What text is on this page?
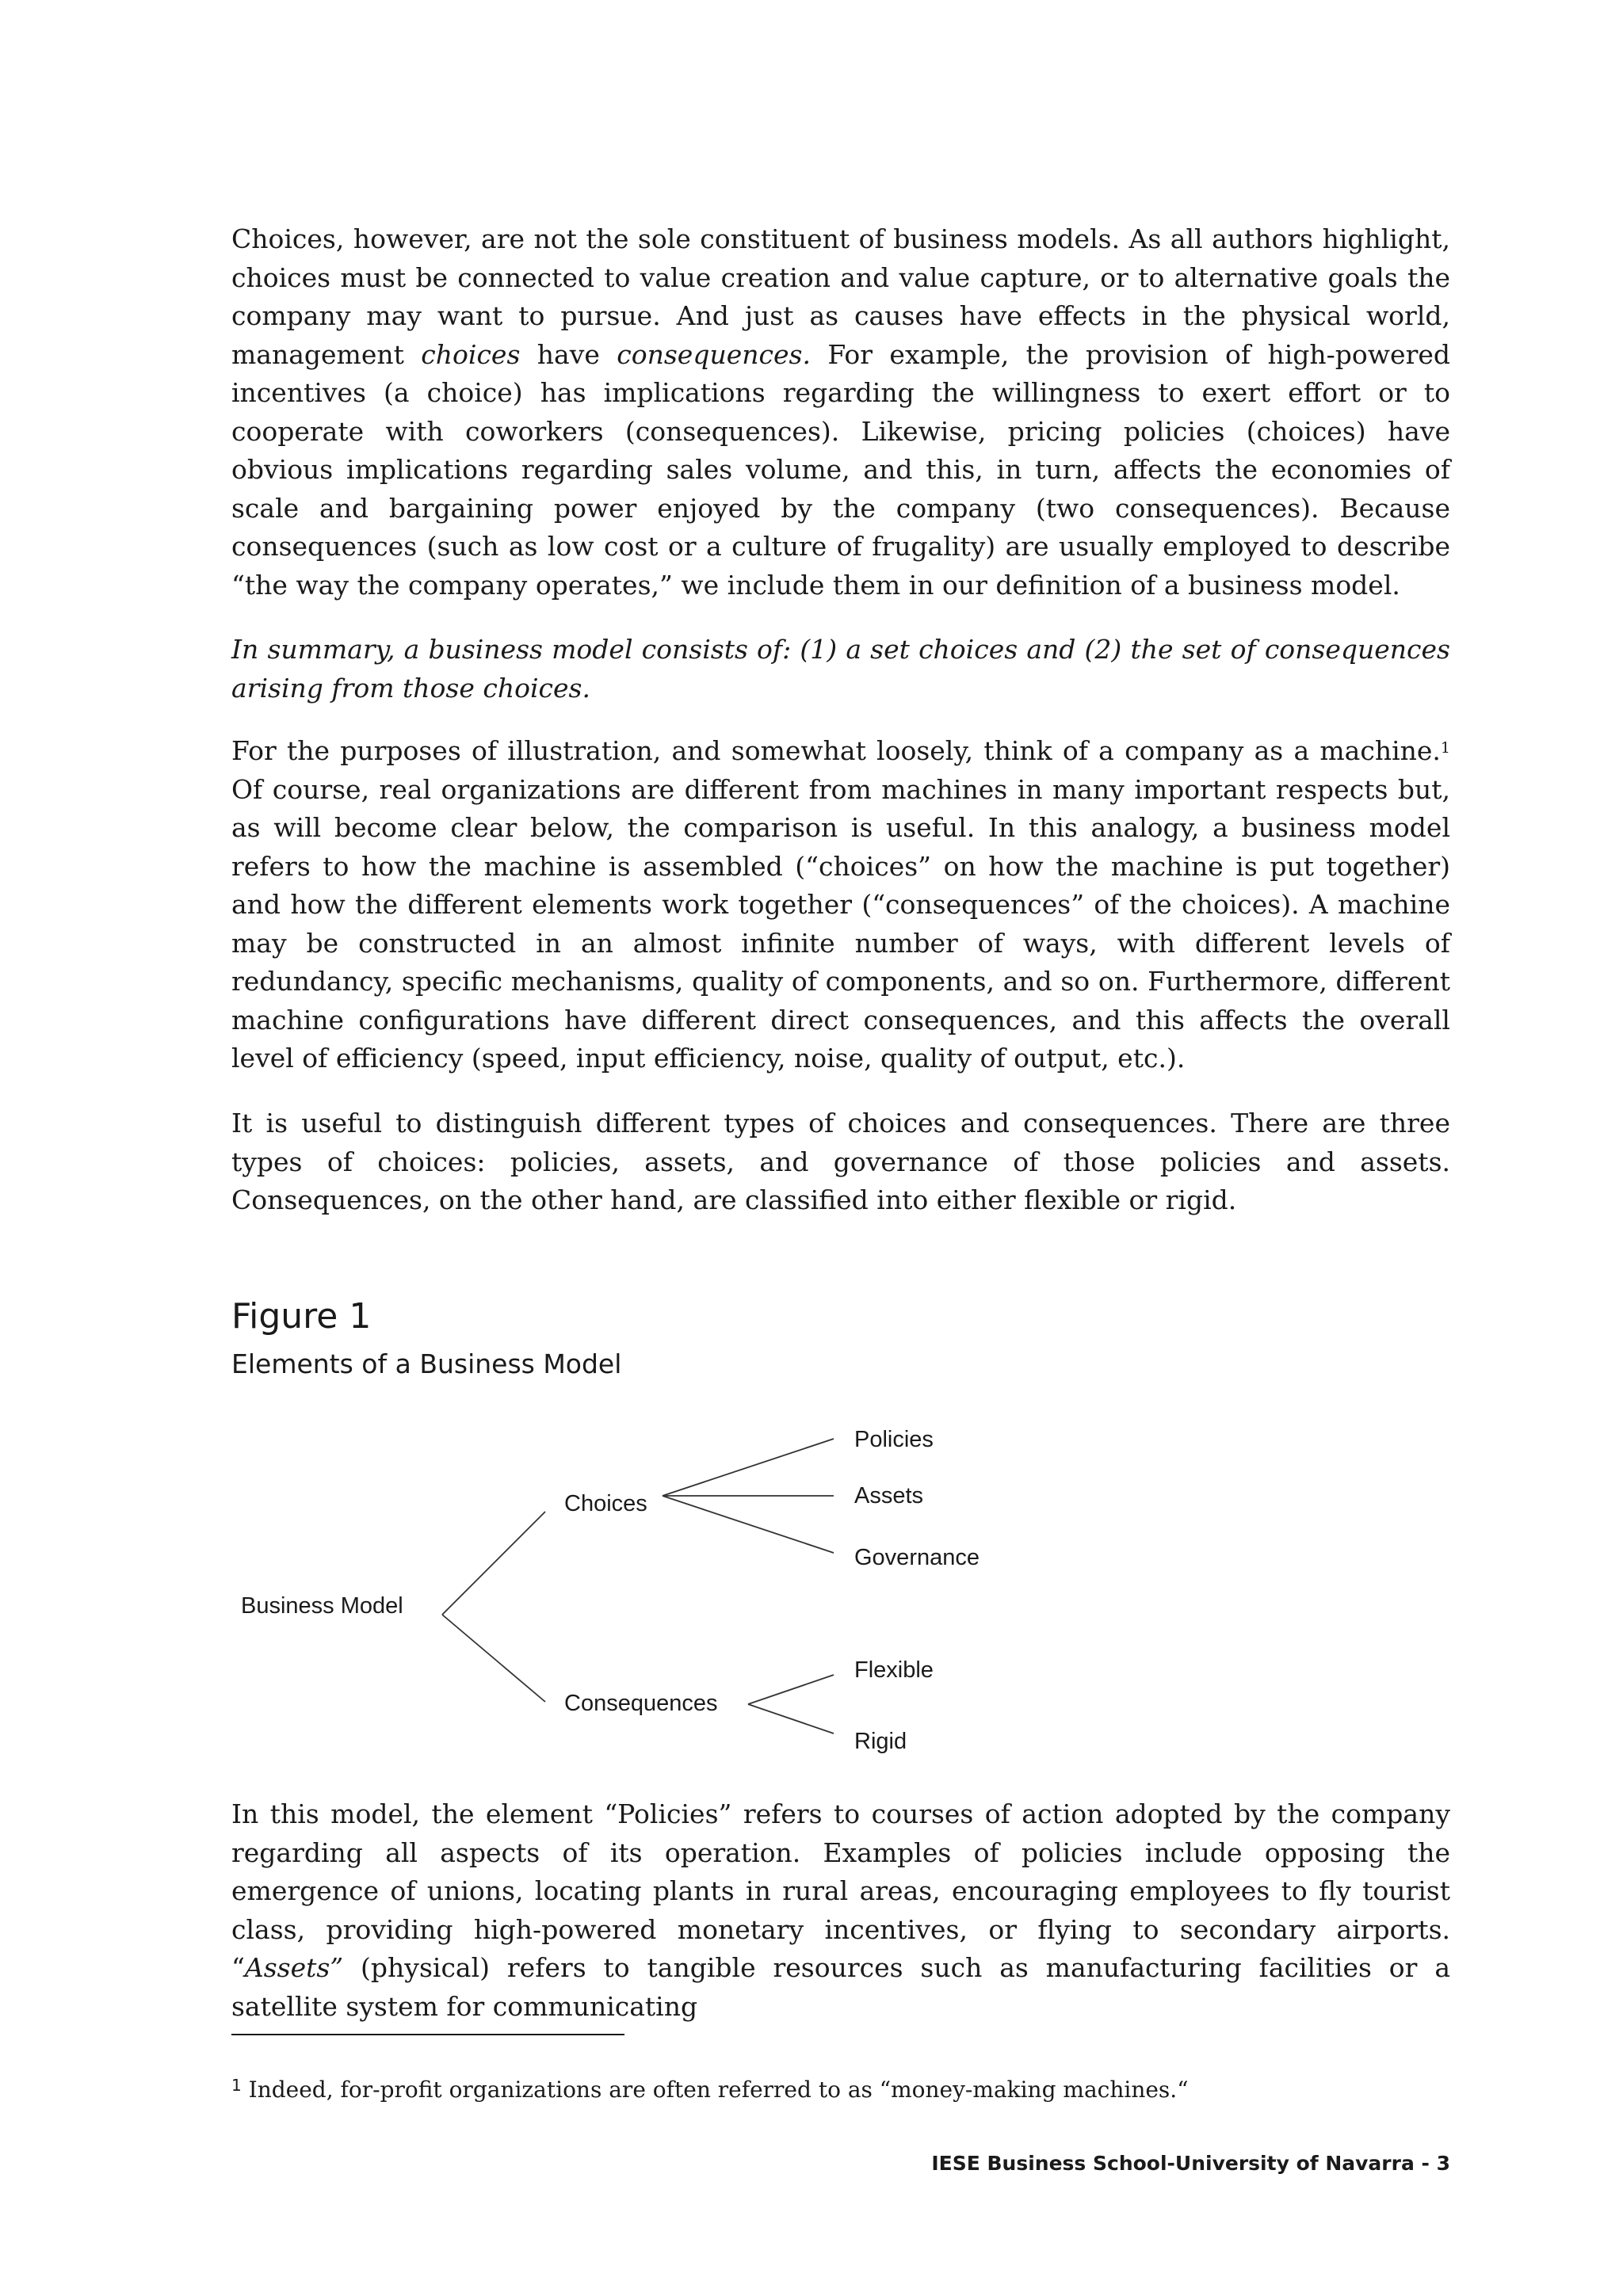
Choices, however, are not the sole constituent of business models. As all authors highlight, choices must be connected to value creation and value capture, or to alternative goals the company may want to pursue. And just as causes have effects in the physical world, management choices have consequences. For example, the provision of high-powered incentives (a choice) has implications regarding the willingness to exert effort or to cooperate with coworkers (consequences). Likewise, pricing policies (choices) have obvious implications regarding sales volume, and this, in turn, affects the economies of scale and bargaining power enjoyed by the company (two consequences). Because consequences (such as low cost or a culture of frugality) are usually employed to describe “the way the company operates,” we include them in our definition of a business model.

In summary, a business model consists of: (1) a set choices and (2) the set of consequences arising from those choices.

For the purposes of illustration, and somewhat loosely, think of a company as a machine.$^1$ Of course, real organizations are different from machines in many important respects but, as will become clear below, the comparison is useful. In this analogy, a business model refers to how the machine is assembled (“choices” on how the machine is put together) and how the different elements work together (“consequences” of the choices). A machine may be constructed in an almost infinite number of ways, with different levels of redundancy, specific mechanisms, quality of components, and so on. Furthermore, different machine configurations have different direct consequences, and this affects the overall level of efficiency (speed, input efficiency, noise, quality of output, etc.).

It is useful to distinguish different types of choices and consequences. There are three types of choices: policies, assets, and governance of those policies and assets. Consequences, on the other hand, are classified into either flexible or rigid.

Figure 1
Elements of a Business Model
Business Model
Choices
Consequences
Policies
Assets
Governance
Flexible
Rigid

In this model, the element “Policies” refers to courses of action adopted by the company regarding all aspects of its operation. Examples of policies include opposing the emergence of unions, locating plants in rural areas, encouraging employees to fly tourist class, providing high-powered monetary incentives, or flying to secondary airports. “Assets” (physical) refers to tangible resources such as manufacturing facilities or a satellite system for communicating

$^1$ Indeed, for-profit organizations are often referred to as “money-making machines.“

IESE Business School-University of Navarra - 3
